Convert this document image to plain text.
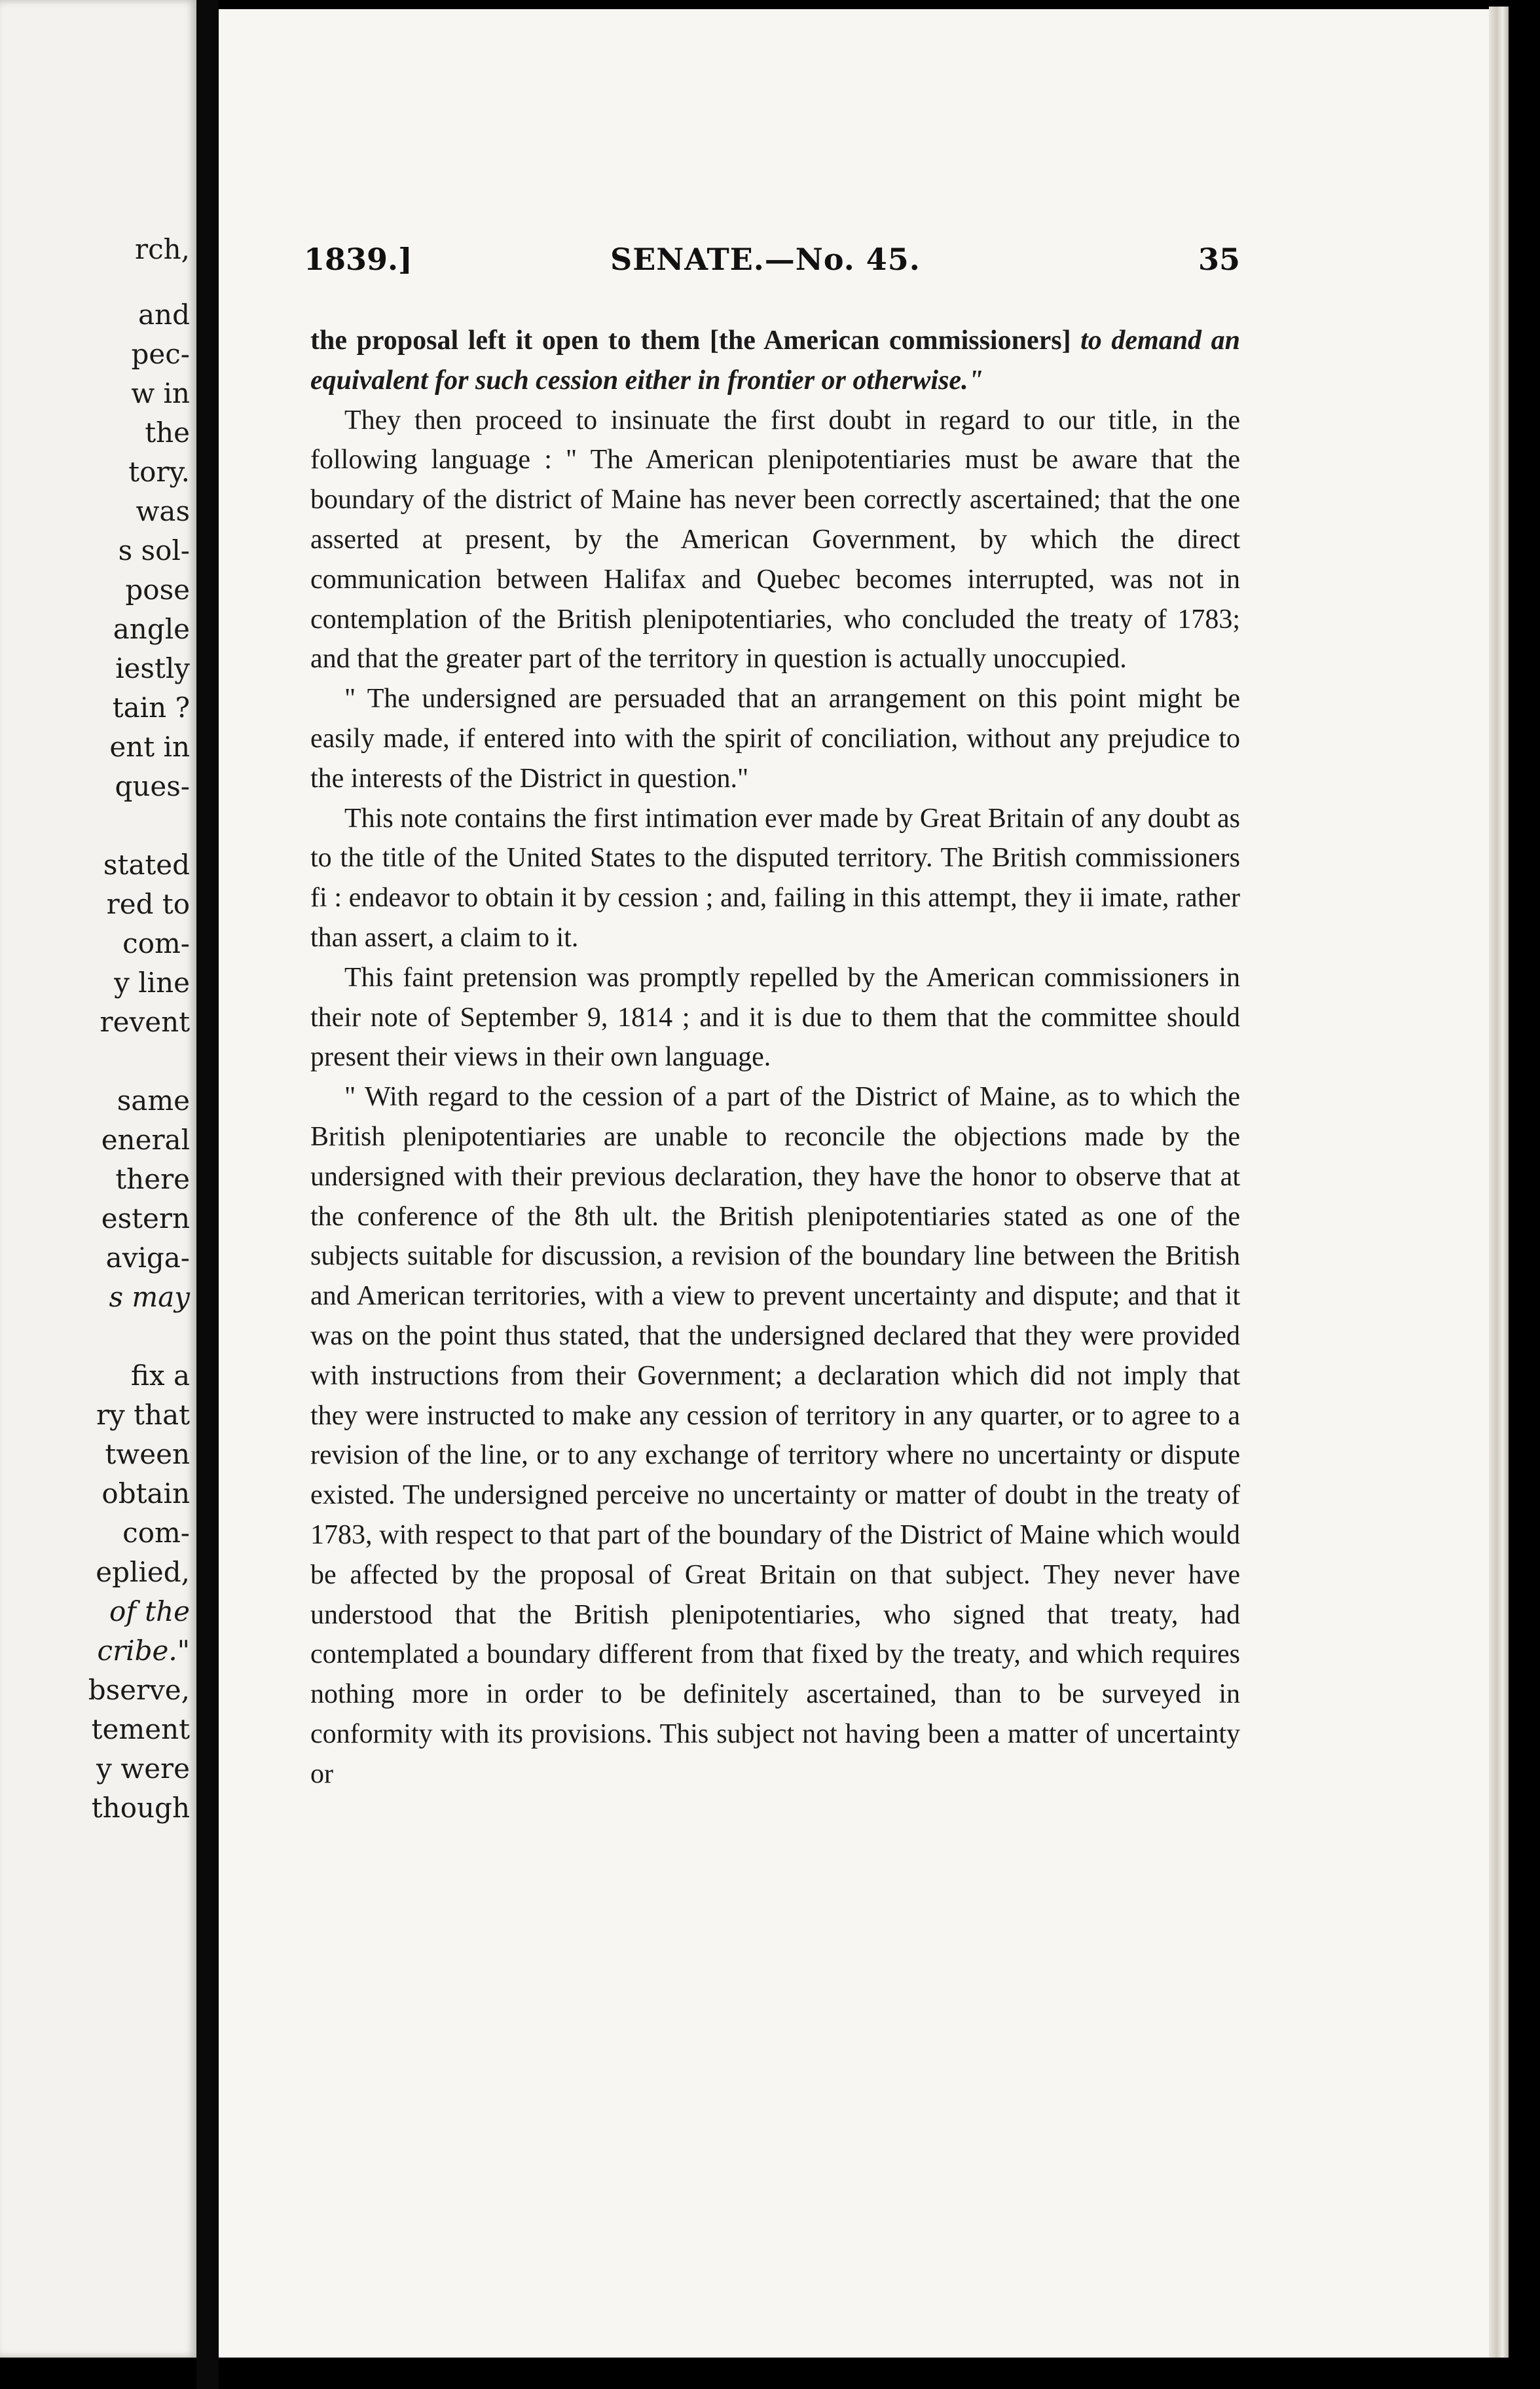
rch,
and
pec-
w in
the
tory.
was
s sol-
pose
angle
iestly
tain ?
ent in
ques-
stated
red to
com-
y line
revent
same
eneral
there
estern
aviga-
s may
fix a
ry that
tween
obtain
com-
eplied,
of the
cribe."
bserve,
tement
y were
though
1839.]	SENATE.—No. 45.	35

the proposal left it open to them [the American commissioners] to demand an equivalent for such cession either in frontier or otherwise."

They then proceed to insinuate the first doubt in regard to our title, in the following language : " The American plenipotentiaries must be aware that the boundary of the district of Maine has never been correctly ascertained; that the one asserted at present, by the American Government, by which the direct communication between Halifax and Quebec becomes interrupted, was not in contemplation of the British plenipotentiaries, who concluded the treaty of 1783; and that the greater part of the territory in question is actually unoccupied.

" The undersigned are persuaded that an arrangement on this point might be easily made, if entered into with the spirit of conciliation, without any prejudice to the interests of the District in question."

This note contains the first intimation ever made by Great Britain of any doubt as to the title of the United States to the disputed territory. The British commissioners fi : endeavor to obtain it by cession ; and, failing in this attempt, they ii imate, rather than assert, a claim to it.

This faint pretension was promptly repelled by the American commissioners in their note of September 9, 1814 ; and it is due to them that the committee should present their views in their own language.

" With regard to the cession of a part of the District of Maine, as to which the British plenipotentiaries are unable to reconcile the objections made by the undersigned with their previous declaration, they have the honor to observe that at the conference of the 8th ult. the British plenipotentiaries stated as one of the subjects suitable for discussion, a revision of the boundary line between the British and American territories, with a view to prevent uncertainty and dispute; and that it was on the point thus stated, that the undersigned declared that they were provided with instructions from their Government; a declaration which did not imply that they were instructed to make any cession of territory in any quarter, or to agree to a revision of the line, or to any exchange of territory where no uncertainty or dispute existed. The undersigned perceive no uncertainty or matter of doubt in the treaty of 1783, with respect to that part of the boundary of the District of Maine which would be affected by the proposal of Great Britain on that subject. They never have understood that the British plenipotentiaries, who signed that treaty, had contemplated a boundary different from that fixed by the treaty, and which requires nothing more in order to be definitely ascertained, than to be surveyed in conformity with its provisions. This subject not having been a matter of uncertainty or
